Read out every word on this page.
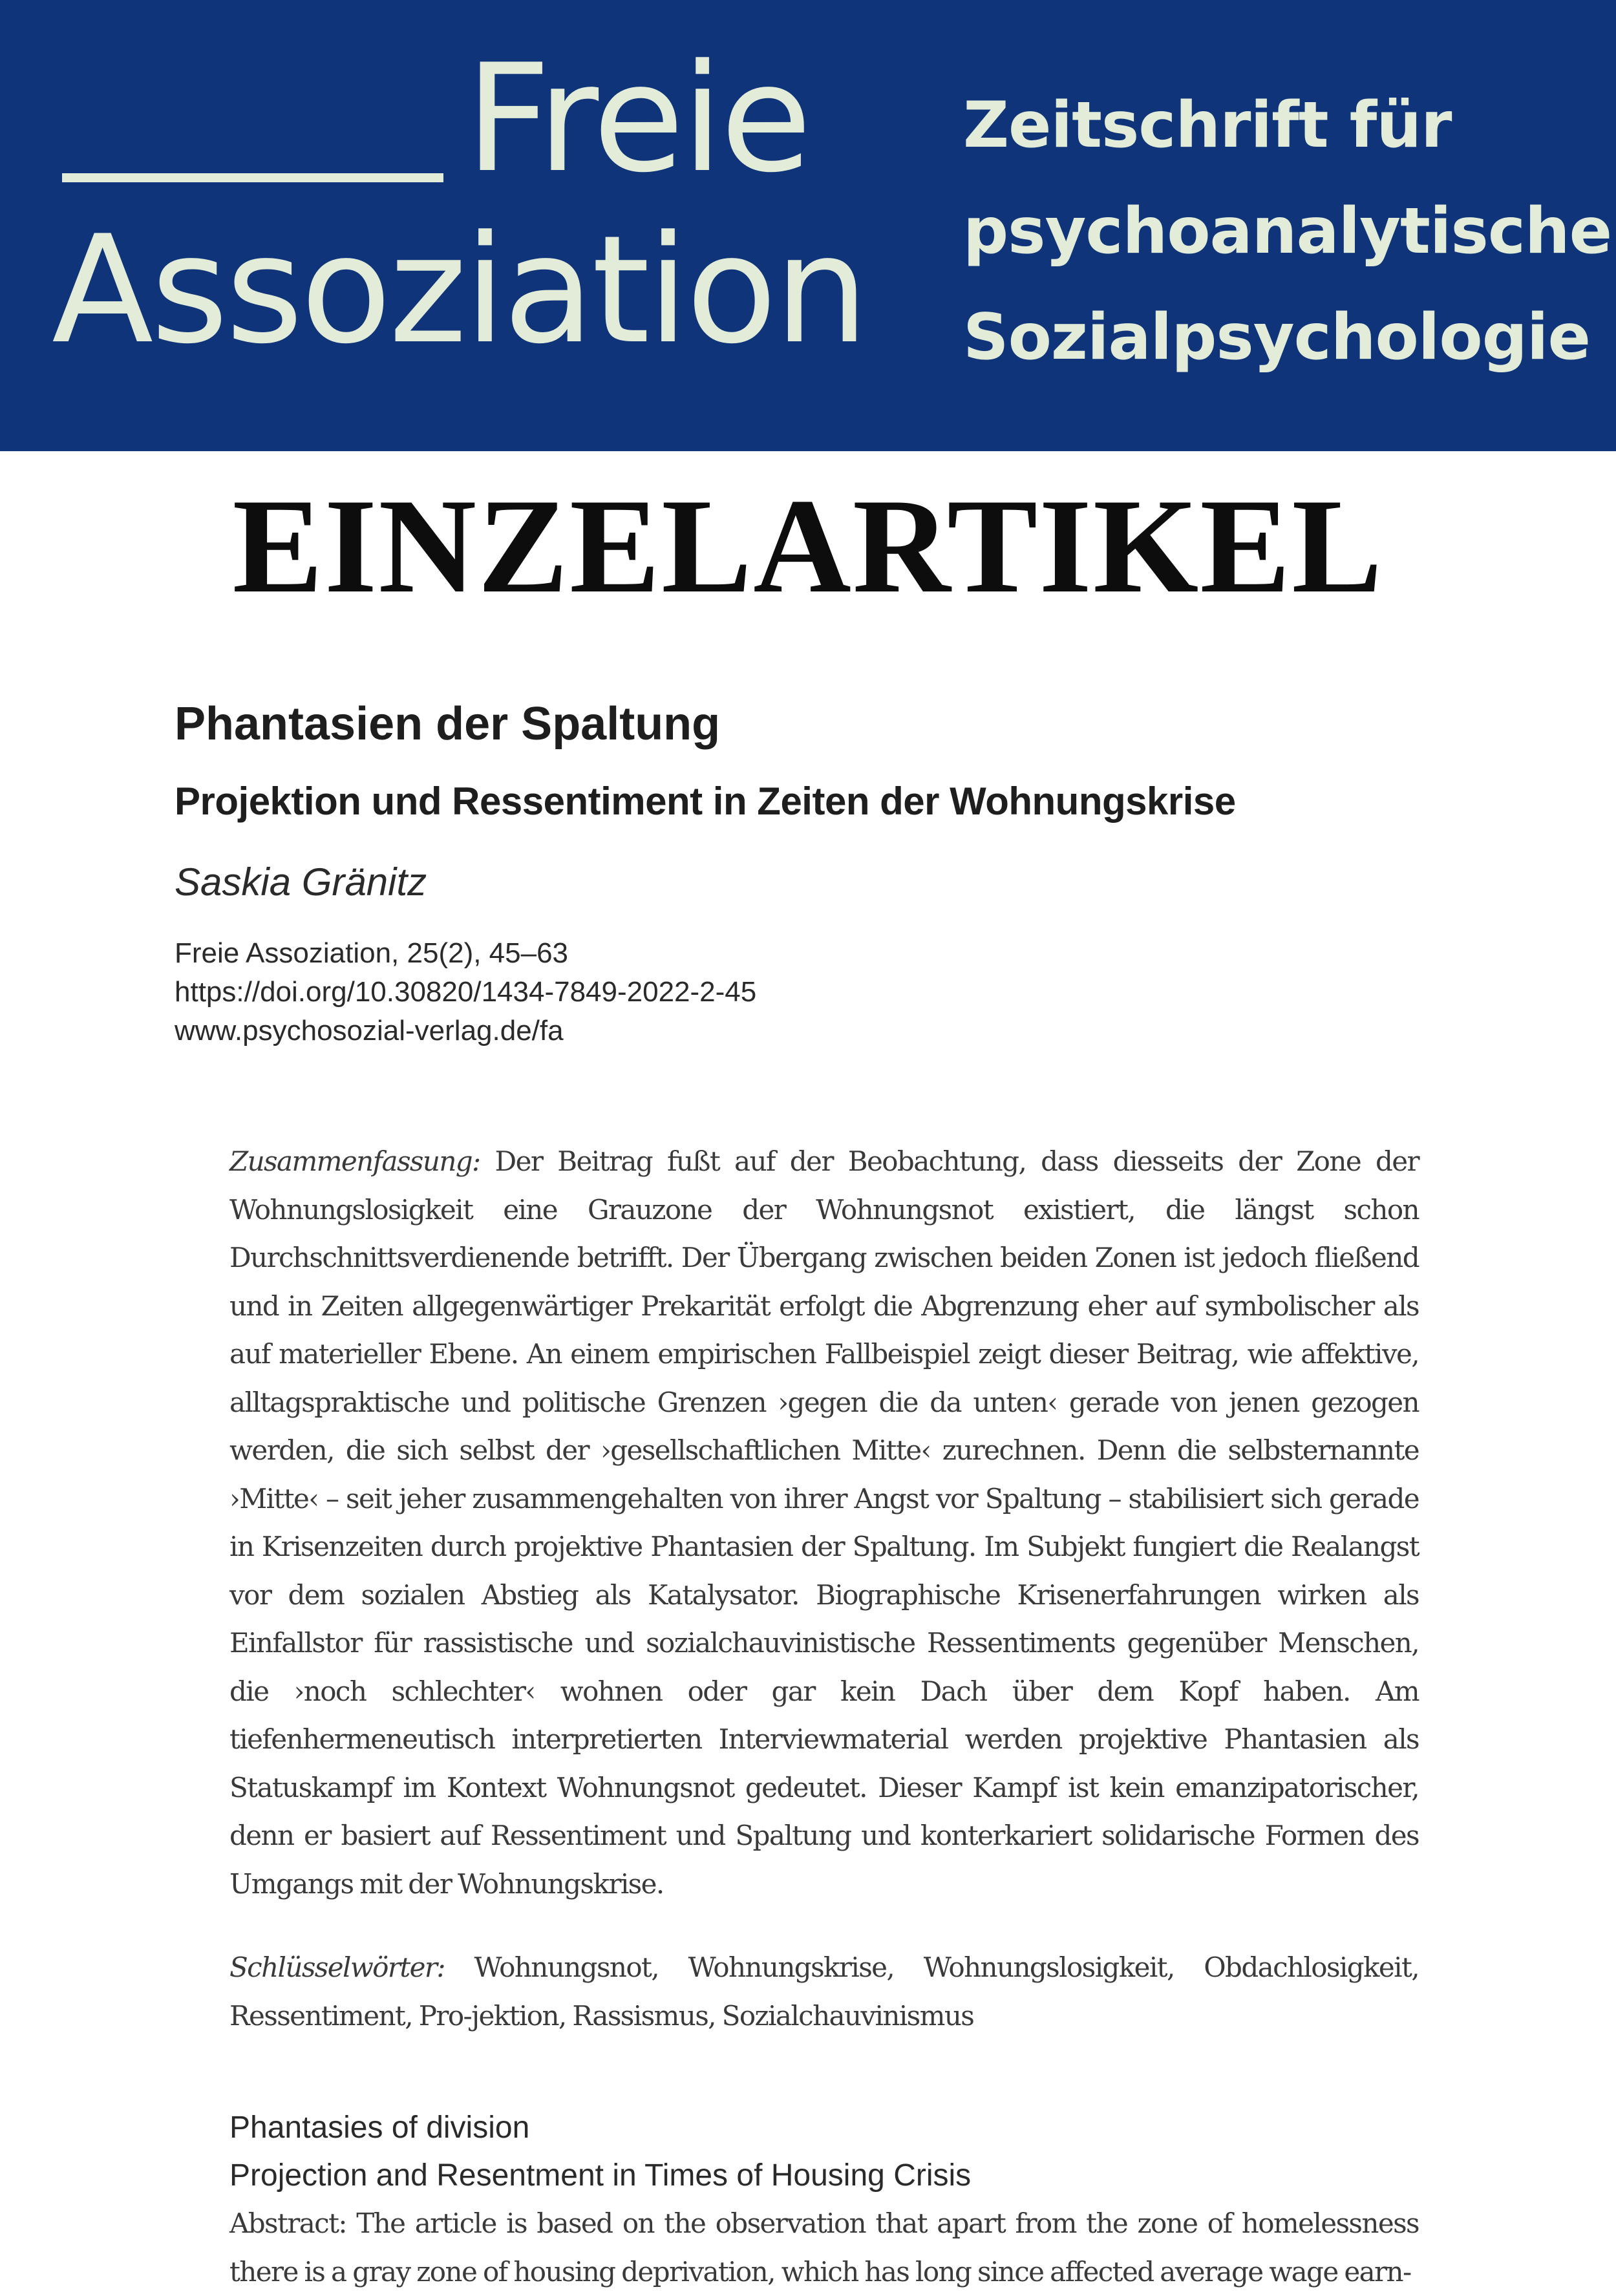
Freie
Assoziation
Zeitschrift für
psychoanalytische
Sozialpsychologie
EINZELARTIKEL
Phantasien der Spaltung
Projektion und Ressentiment in Zeiten der Wohnungskrise
Saskia Gränitz
Freie Assoziation, 25(2), 45–63
https://doi.org/10.30820/1434-7849-2022-2-45
www.psychosozial-verlag.de/fa

Zusammenfassung: Der Beitrag fußt auf der Beobachtung, dass diesseits der Zone der Wohnungslosigkeit eine Grauzone der Wohnungsnot existiert, die längst schon Durchschnittsverdienende betrifft. Der Übergang zwischen beiden Zonen ist jedoch fließend und in Zeiten allgegenwärtiger Prekarität erfolgt die Abgrenzung eher auf symbolischer als auf materieller Ebene. An einem empirischen Fallbeispiel zeigt dieser Beitrag, wie affektive, alltagspraktische und politische Grenzen ›gegen die da unten‹ gerade von jenen gezogen werden, die sich selbst der ›gesellschaftlichen Mitte‹ zurechnen. Denn die selbsternannte ›Mitte‹ – seit jeher zusammengehalten von ihrer Angst vor Spaltung – stabilisiert sich gerade in Krisenzeiten durch projektive Phantasien der Spaltung. Im Subjekt fungiert die Realangst vor dem sozialen Abstieg als Katalysator. Biographische Krisenerfahrungen wirken als Einfallstor für rassistische und sozialchauvinistische Ressentiments gegenüber Menschen, die ›noch schlechter‹ wohnen oder gar kein Dach über dem Kopf haben. Am tiefenhermeneutisch interpretierten Interviewmaterial werden projektive Phantasien als Statuskampf im Kontext Wohnungsnot gedeutet. Dieser Kampf ist kein emanzipatorischer, denn er basiert auf Ressentiment und Spaltung und konterkariert solidarische Formen des Umgangs mit der Wohnungskrise.

Schlüsselwörter: Wohnungsnot, Wohnungskrise, Wohnungslosigkeit, Obdachlosigkeit, Ressentiment, Pro-jektion, Rassismus, Sozialchauvinismus

Phantasies of division
Projection and Resentment in Times of Housing Crisis
Abstract: The article is based on the observation that apart from the zone of homelessness there is a gray zone of housing deprivation, which has long since affected average wage earn-
